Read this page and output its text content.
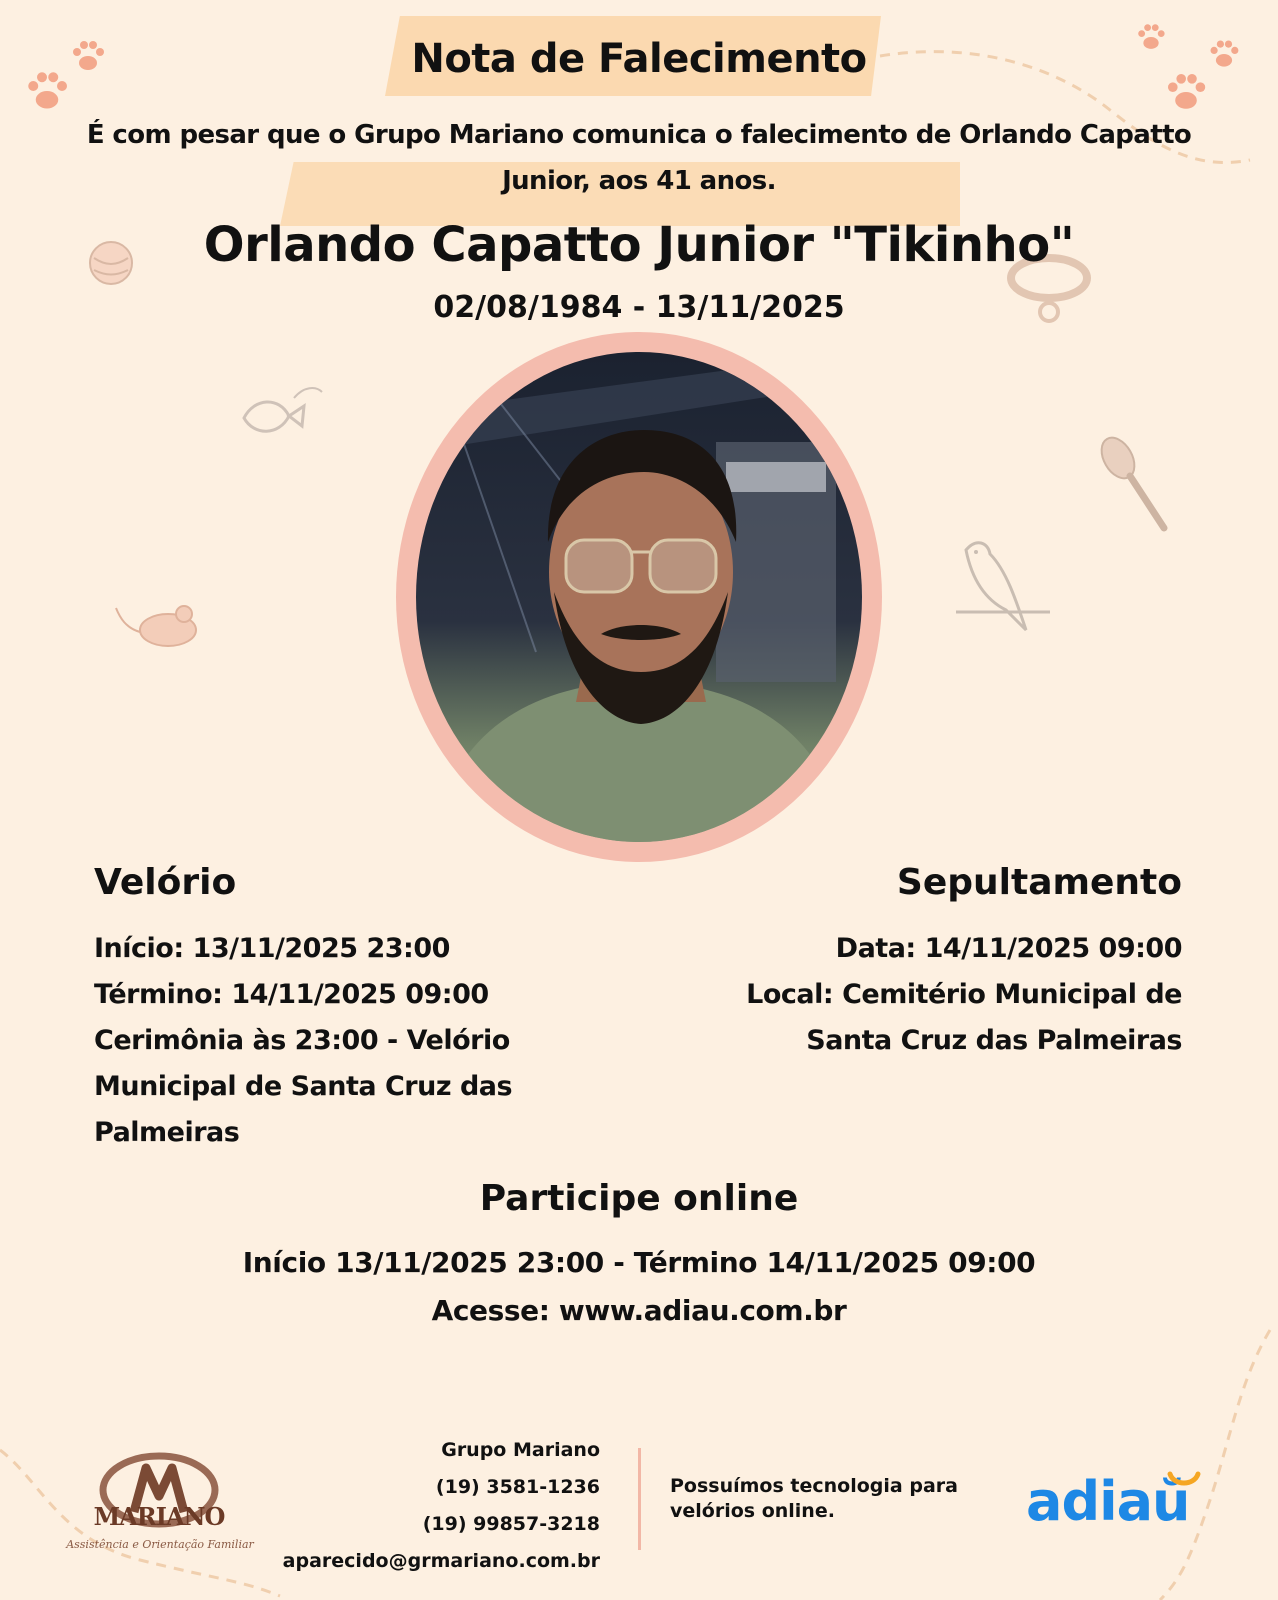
Nota de Falecimento
É com pesar que o Grupo Mariano comunica o falecimento de Orlando Capatto
Junior, aos 41 anos.
Orlando Capatto Junior "Tikinho"
02/08/1984 - 13/11/2025
Velório
Início: 13/11/2025 23:00
Término: 14/11/2025 09:00
Cerimônia às 23:00 - Velório
Municipal de Santa Cruz das
Palmeiras
Sepultamento
Data: 14/11/2025 09:00
Local: Cemitério Municipal de
Santa Cruz das Palmeiras
Participe online
Início 13/11/2025 23:00 - Término 14/11/2025 09:00
Acesse: www.adiau.com.br
MARIANO
Assistência e Orientação Familiar
Grupo Mariano
(19) 3581-1236
(19) 99857-3218
aparecido@grmariano.com.br
Possuímos tecnologia para
velórios online.	adiaŭ
